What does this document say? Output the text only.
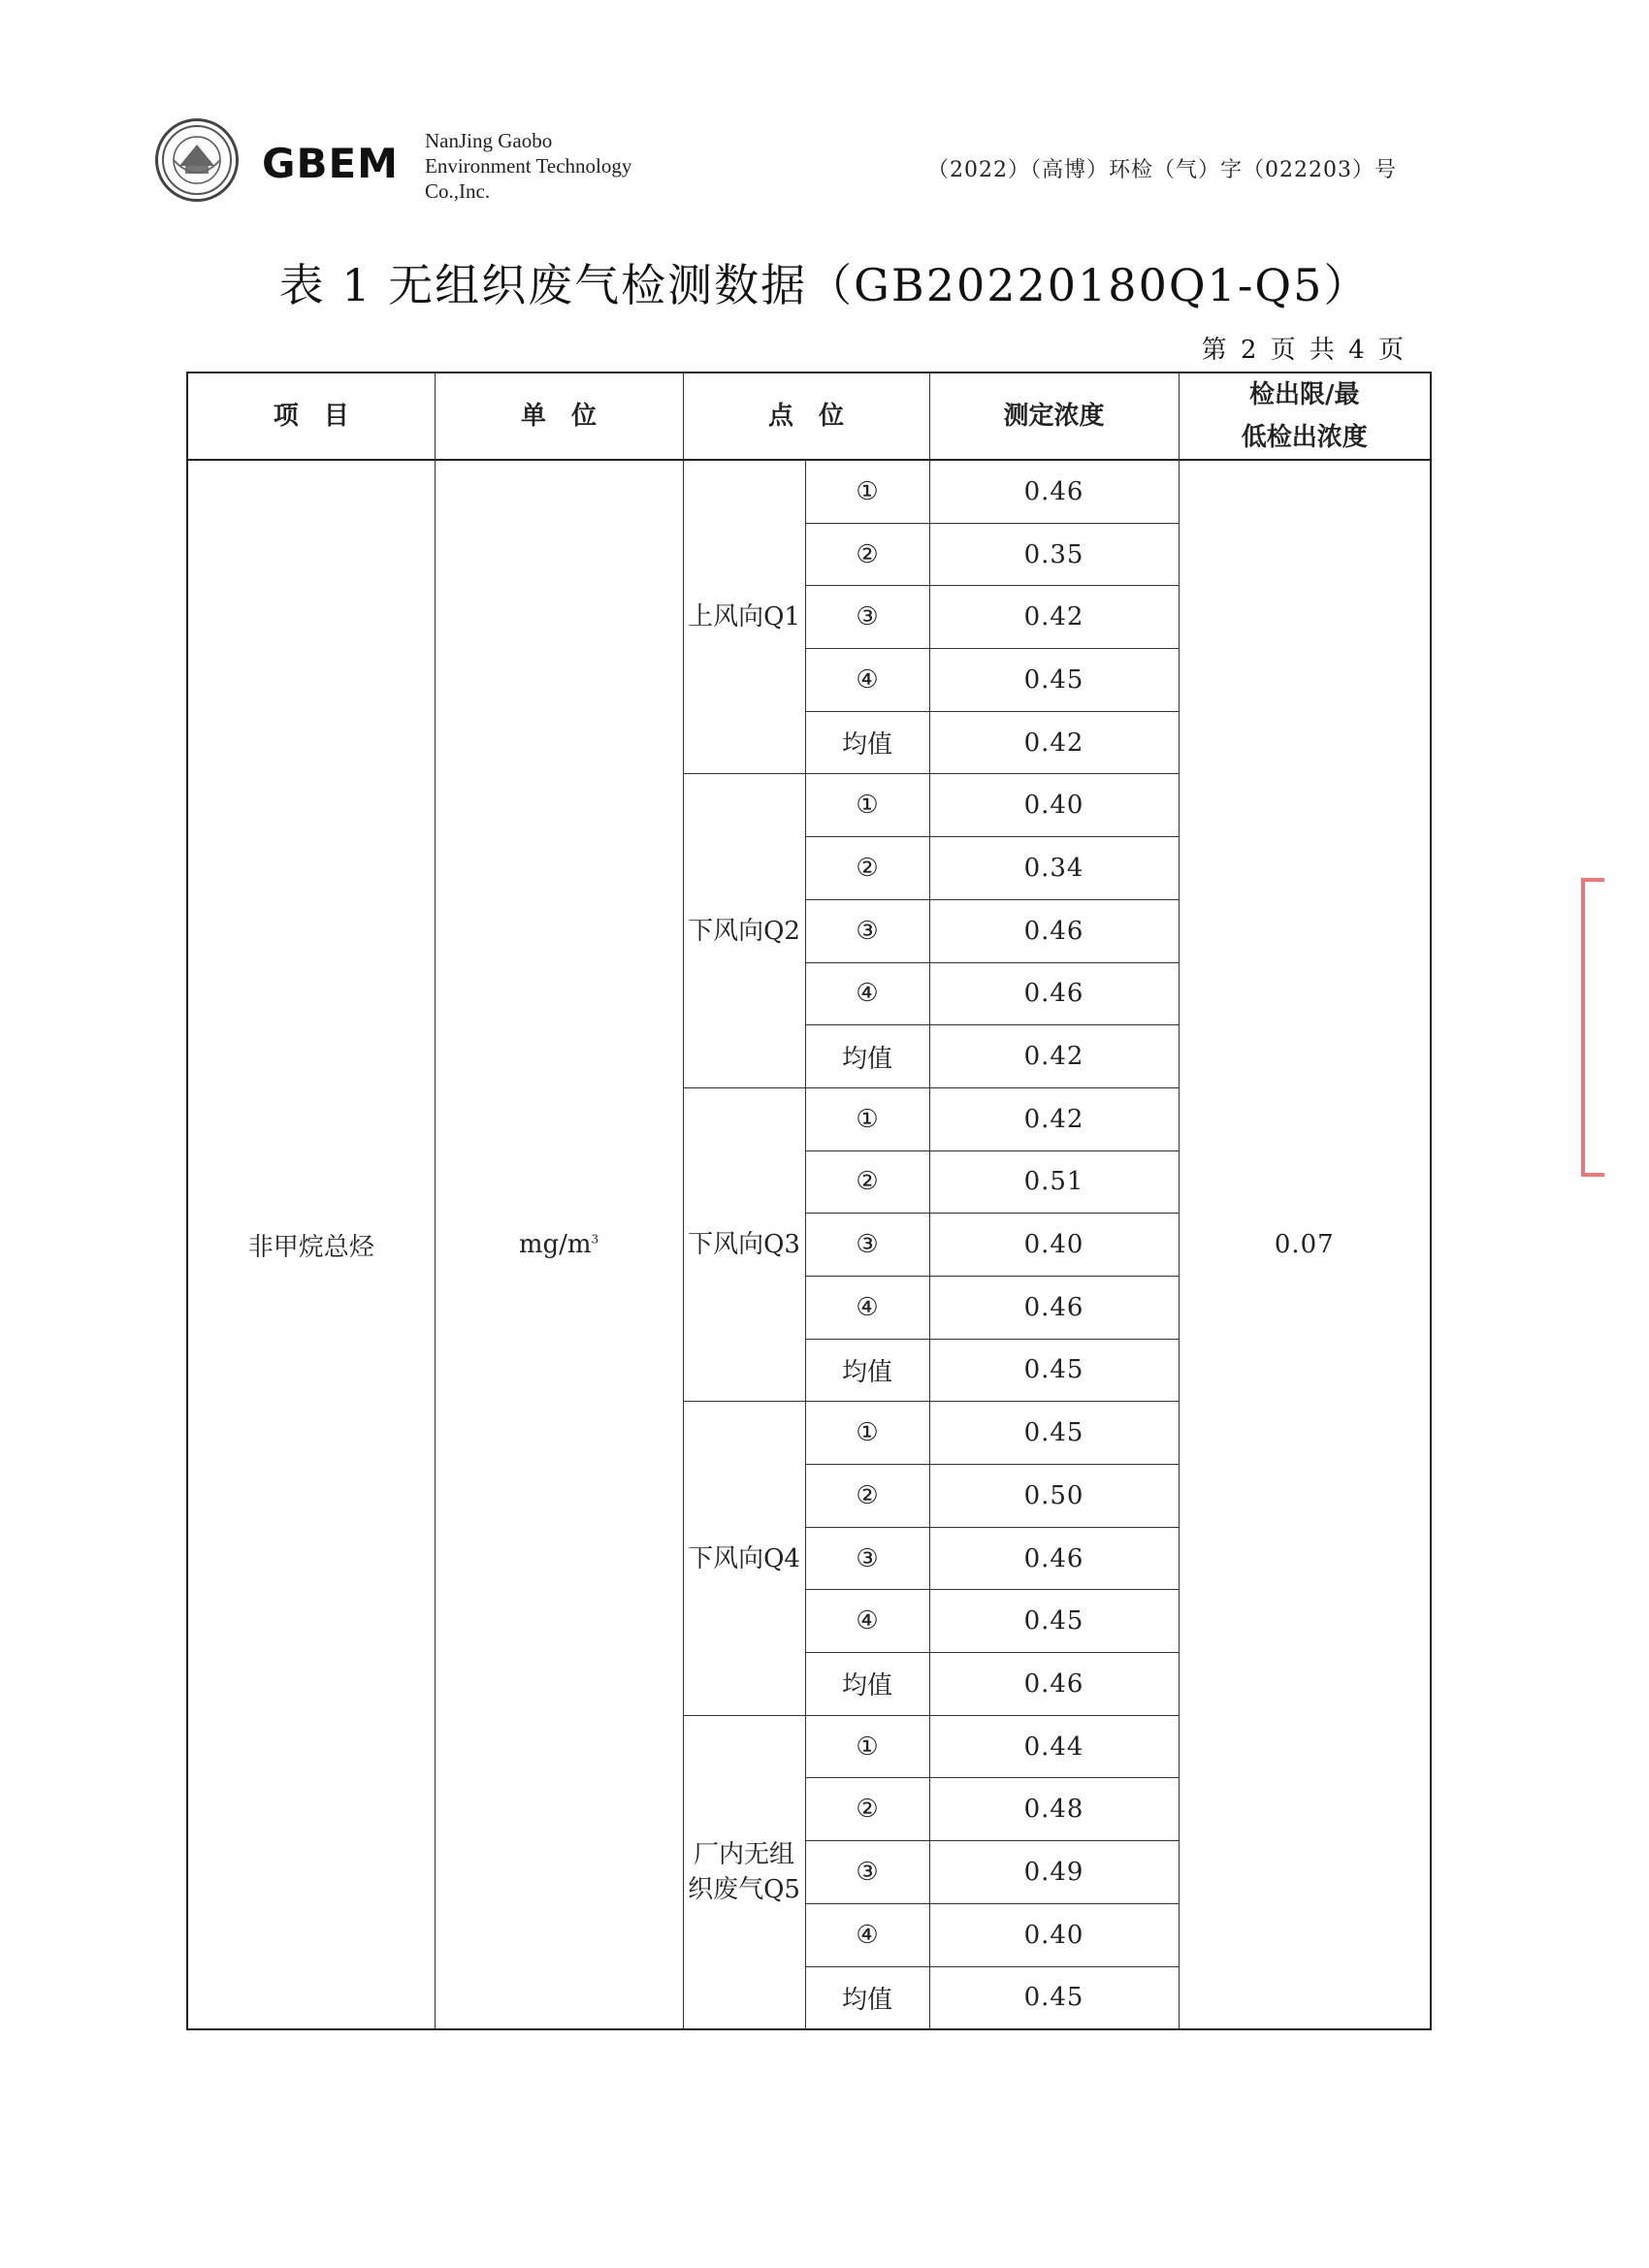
GBEM NanJing Gaobo
Environment Technology
Co.,Inc.
（2022）（高博）环检（气）字（022203）号
表 1 无组织废气检测数据（GB20220180Q1-Q5）
第 2 页 共 4 页
项　目	单　位	点　位		测定浓度	检出限/最
低检出浓度

非甲烷总烃	$mg/m^3$	上风向Q1	①	0.46	0.07
			②	0.35	
			③	0.42	
			④	0.45	
			均值	0.42	

		下风向Q2	①	0.40	
			②	0.34	
			③	0.46	
			④	0.46	
			均值	0.42	

		下风向Q3	①	0.42	
			②	0.51	
			③	0.40	
			④	0.46	
			均值	0.45	

		下风向Q4	①	0.45	
			②	0.50	
			③	0.46	
			④	0.45	
			均值	0.46	

		厂内无组
织废气Q5	①	0.44	
			②	0.48	
			③	0.49	
			④	0.40	
			均值	0.45	
